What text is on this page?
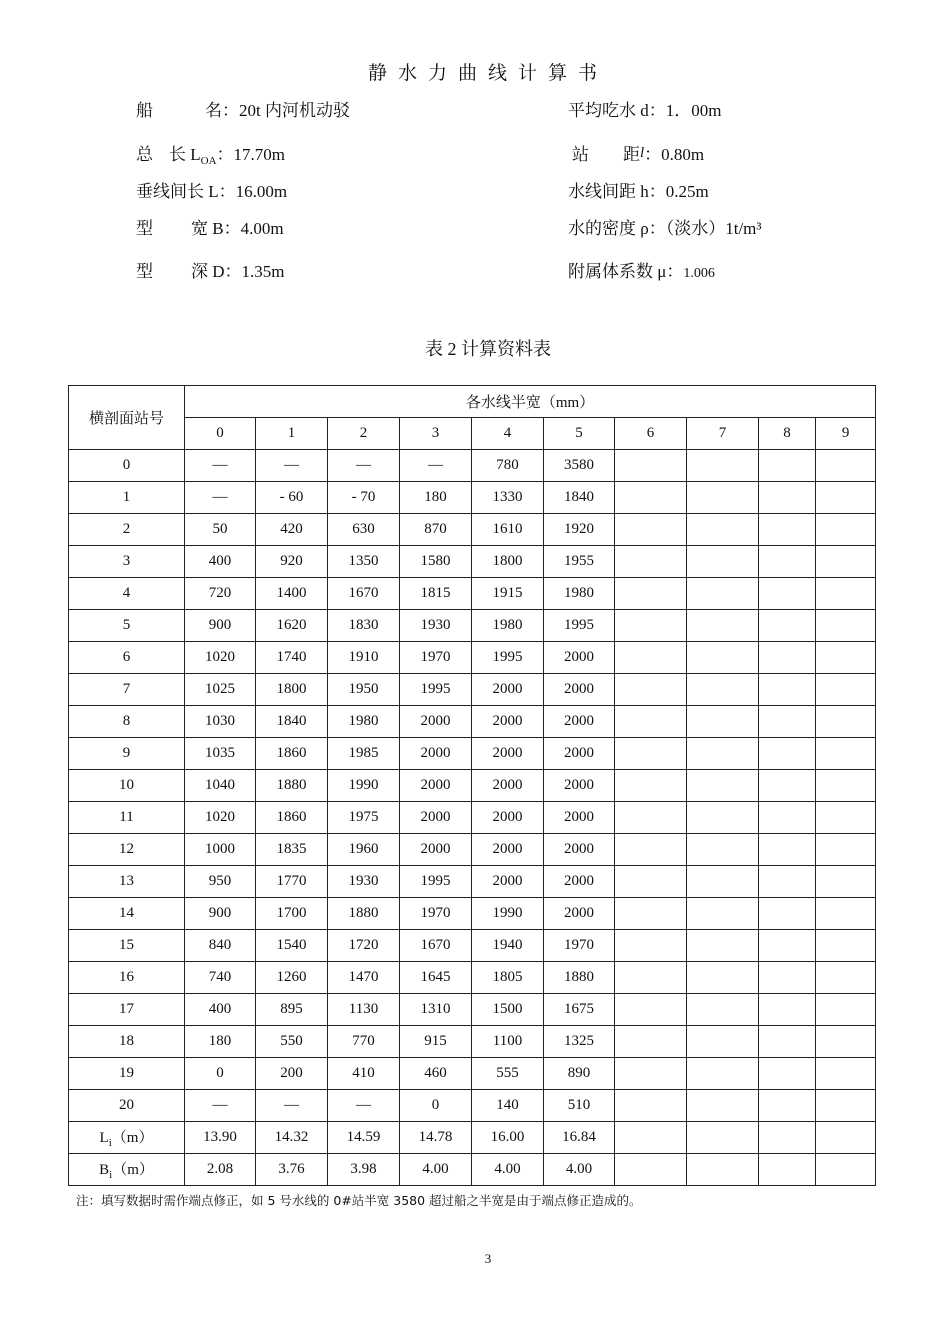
静水力曲线计算书
船	名：20t 内河机动驳	平均吃水 d：1．00m
总 长 $L_{OA}$：17.70m	站 距l：0.80m
垂线间长 L：16.00m	水线间距 h：0.25m
型 宽 B：4.00m	水的密度 ρ：（淡水）1t/m³
型 深 D：1.35m	附属体系数 μ：1.006
表 2 计算资料表
横剖面站号	各水线半宽（mm）									
	0	1	2	3	4	5	6	7	8	9
0	—	—	—	—	780	3580				
1	—	- 60	- 70	180	1330	1840				
2	50	420	630	870	1610	1920				
3	400	920	1350	1580	1800	1955				
4	720	1400	1670	1815	1915	1980				
5	900	1620	1830	1930	1980	1995				
6	1020	1740	1910	1970	1995	2000				
7	1025	1800	1950	1995	2000	2000				
8	1030	1840	1980	2000	2000	2000				
9	1035	1860	1985	2000	2000	2000				
10	1040	1880	1990	2000	2000	2000				
11	1020	1860	1975	2000	2000	2000				
12	1000	1835	1960	2000	2000	2000				
13	950	1770	1930	1995	2000	2000				
14	900	1700	1880	1970	1990	2000				
15	840	1540	1720	1670	1940	1970				
16	740	1260	1470	1645	1805	1880				
17	400	895	1130	1310	1500	1675				
18	180	550	770	915	1100	1325				
19	0	200	410	460	555	890				
20	—	—	—	0	140	510				
$L_i(m)$	13.90	14.32	14.59	14.78	16.00	16.84				
$B_i(m)$	2.08	3.76	3.98	4.00	4.00	4.00				
注：填写数据时需作端点修正，如 5 号水线的 0#站半宽 3580 超过船之半宽是由于端点修正造成的。
3
